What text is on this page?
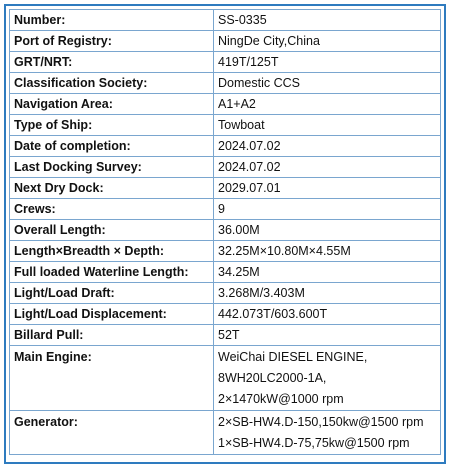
Number:	SS-0335
Port of Registry:	NingDe City,China
GRT/NRT:	419T/125T
Classification Society:	Domestic CCS
Navigation Area:	A1+A2
Type of Ship:	Towboat
Date of completion:	2024.07.02
Last Docking Survey:	2024.07.02
Next Dry Dock:	2029.07.01
Crews:	9
Overall Length:	36.00M
Length×Breadth × Depth:	32.25M×10.80M×4.55M
Full loaded Waterline Length:	34.25M
Light/Load Draft:	3.268M/3.403M
Light/Load Displacement:	442.073T/603.600T
Billard Pull:	52T
Main Engine:	WeiChai DIESEL ENGINE,
8WH20LC2000-1A,
2×1470kW@1000 rpm

Generator:	2×SB-HW4.D-150,150kw@1500 rpm
1×SB-HW4.D-75,75kw@1500 rpm
